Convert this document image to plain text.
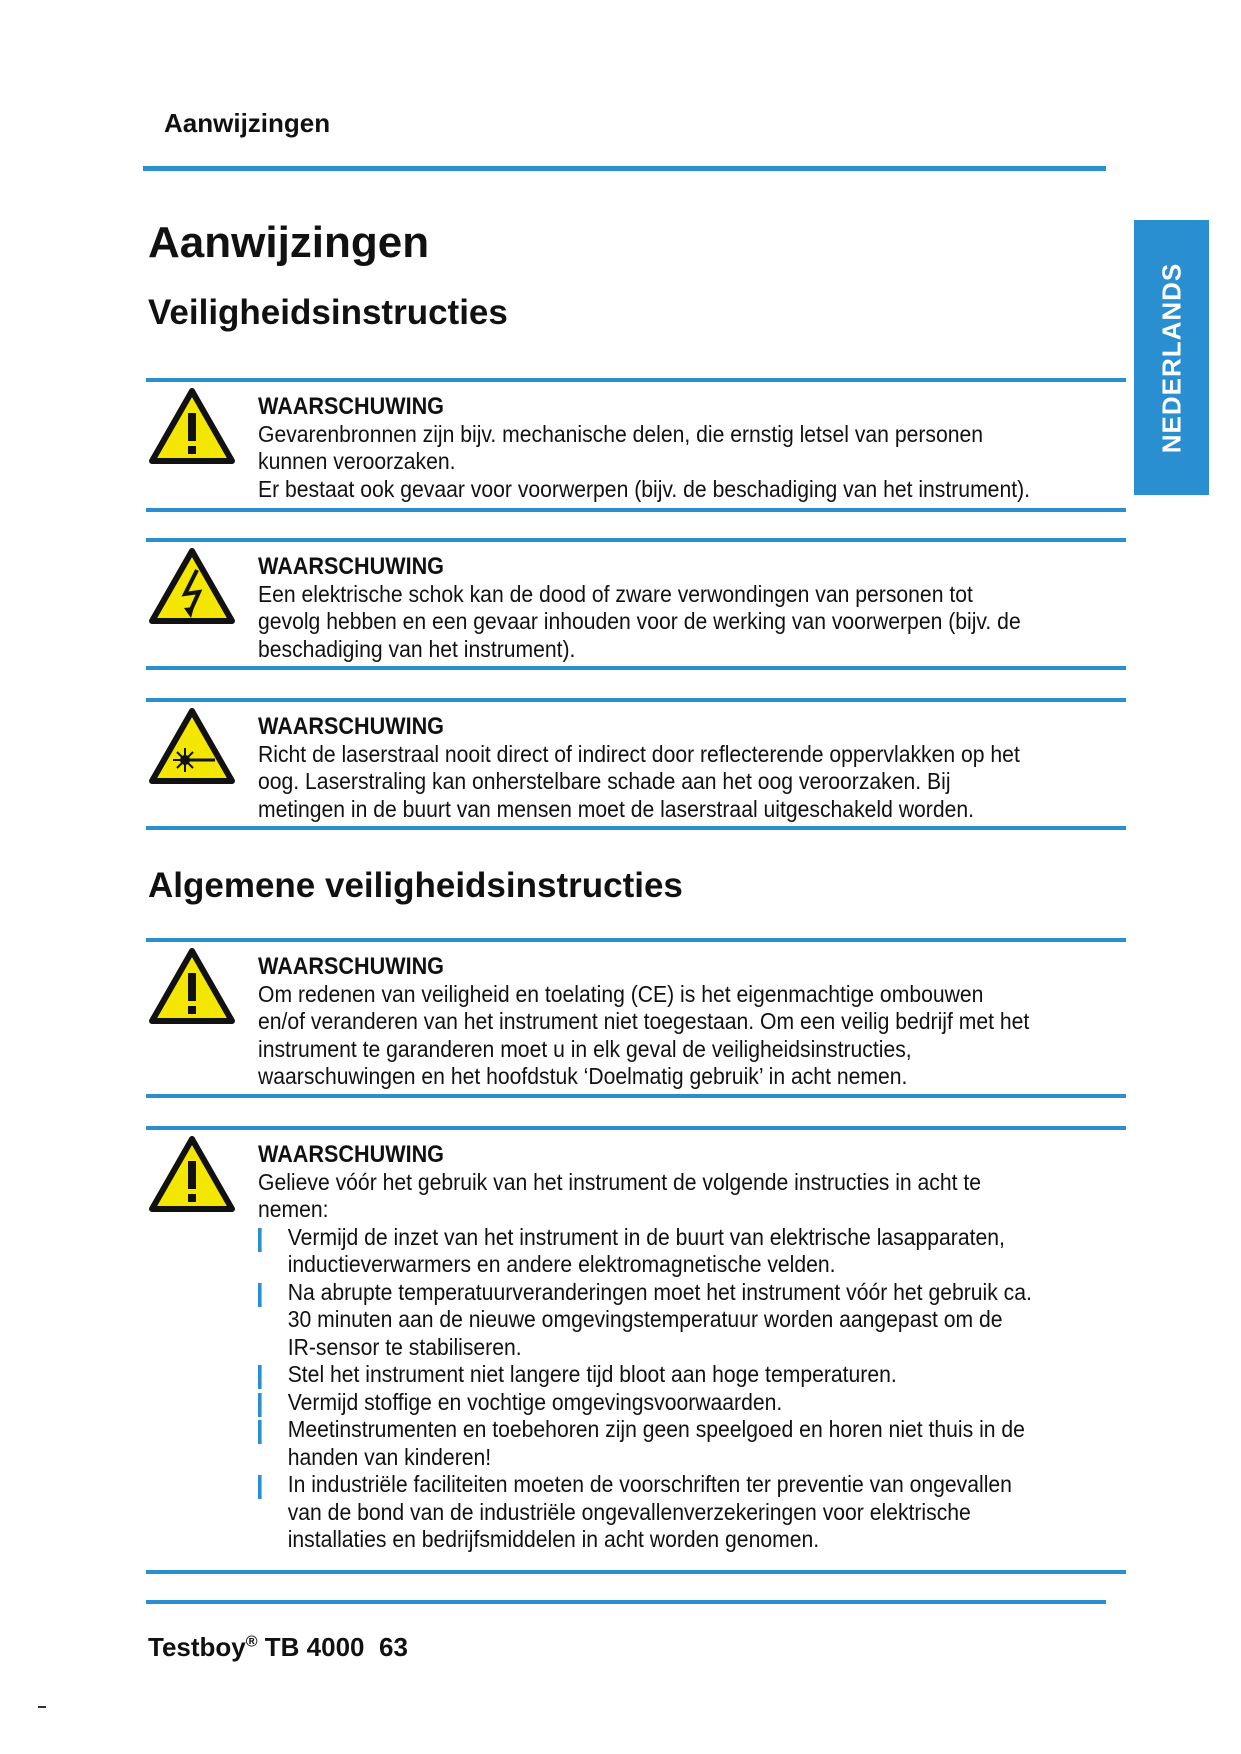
Aanwijzingen
NEDERLANDS
Aanwijzingen
Veiligheidsinstructies
WAARSCHUWING

Gevarenbronnen zijn bijv. mechanische delen, die ernstig letsel van personen kunnen veroorzaken.

Er bestaat ook gevaar voor voorwerpen (bijv. de beschadiging van het instrument).

WAARSCHUWING

Een elektrische schok kan de dood of zware verwondingen van personen tot gevolg hebben en een gevaar inhouden voor de werking van voorwerpen (bijv. de beschadiging van het instrument).

WAARSCHUWING

Richt de laserstraal nooit direct of indirect door reflecterende oppervlakken op het oog. Laserstraling kan onherstelbare schade aan het oog veroorzaken. Bij metingen in de buurt van mensen moet de laserstraal uitgeschakeld worden.

Algemene veiligheidsinstructies
WAARSCHUWING

Om redenen van veiligheid en toelating (CE) is het eigenmachtige ombouwen en/of veranderen van het instrument niet toegestaan. Om een veilig bedrijf met het instrument te garanderen moet u in elk geval de veiligheidsinstructies, waarschuwingen en het hoofdstuk ‘Doelmatig gebruik’ in acht nemen.

WAARSCHUWING

Gelieve vóór het gebruik van het instrument de volgende instructies in acht te nemen:

Vermijd de inzet van het instrument in de buurt van elektrische lasapparaten, inductieverwarmers en andere elektromagnetische velden.
Na abrupte temperatuurveranderingen moet het instrument vóór het gebruik ca. 30 minuten aan de nieuwe omgevingstemperatuur worden aangepast om de IR-sensor te stabiliseren.
Stel het instrument niet langere tijd bloot aan hoge temperaturen.
Vermijd stoffige en vochtige omgevingsvoorwaarden.
Meetinstrumenten en toebehoren zijn geen speelgoed en horen niet thuis in de handen van kinderen!
In industriële faciliteiten moeten de voorschriften ter preventie van ongevallen van de bond van de industriële ongevallenverzekeringen voor elektrische installaties en bedrijfsmiddelen in acht worden genomen.
Testboy® TB 4000 63
